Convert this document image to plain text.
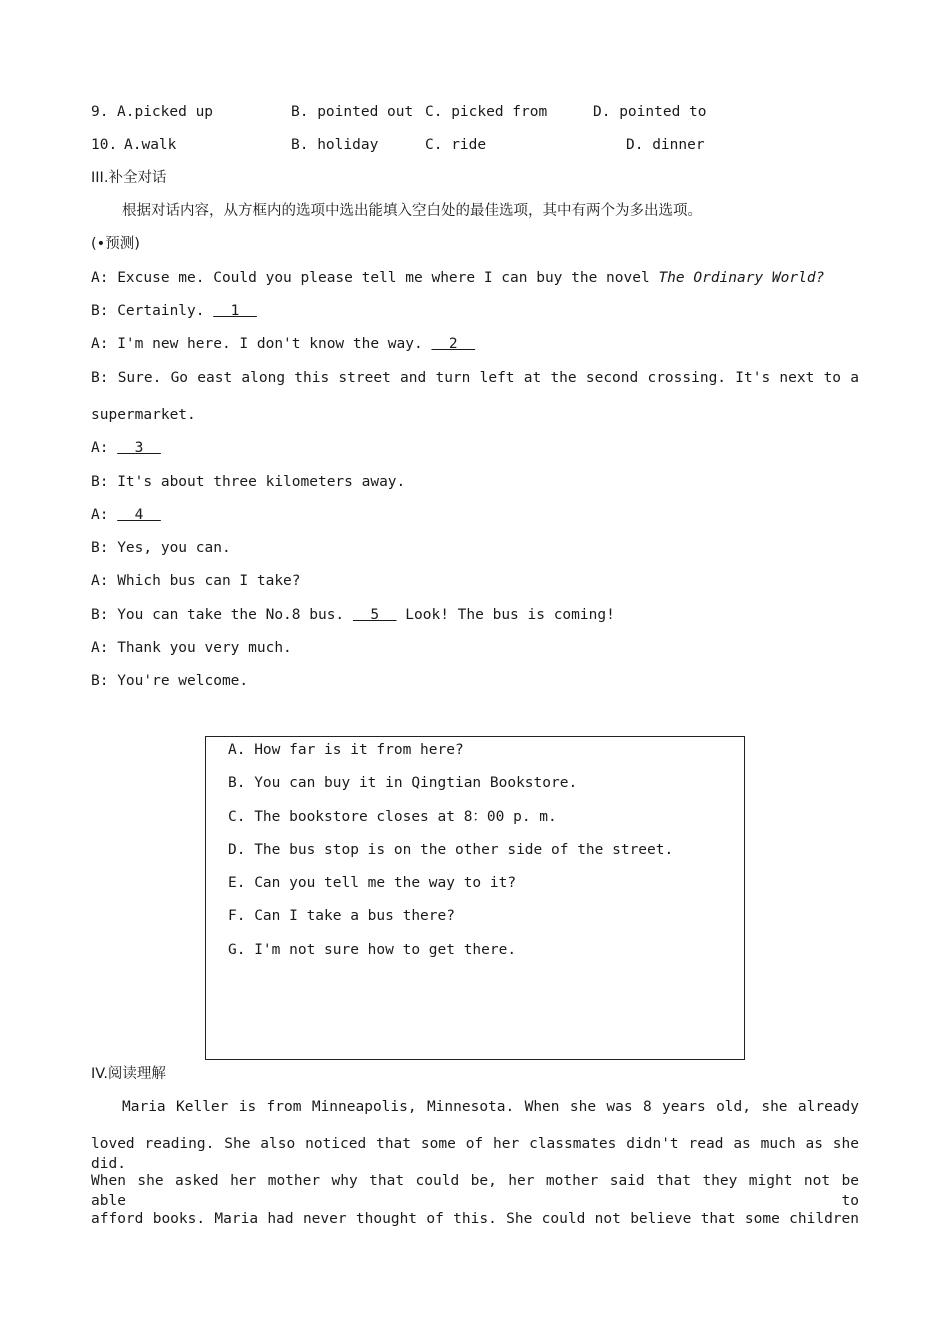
9. A.picked up	B. pointed out C. picked from	D. pointed to
10. A.walk	B. holiday	C. ride	D. dinner
III.补全对话
根据对话内容，从方框内的选项中选出能填入空白处的最佳选项，其中有两个为多出选项。
(•预测)
A: Excuse me. Could you please tell me where I can buy the novel The Ordinary World?
B: Certainly.   1
A: I'm new here. I don't know the way.   2
B: Sure. Go east along this street and turn left at the second crossing. It's next to a
supermarket.
A:   3
B: It's about three kilometers away.
A:   4
B: Yes, you can.
A: Which bus can I take?
B: You can take the No.8 bus.   5   Look! The bus is coming!
A: Thank you very much.
B: You're welcome.
A. How far is it from here?
B. You can buy it in Qingtian Bookstore.
C. The bookstore closes at 8：00 p. m.
D. The bus stop is on the other side of the street.
E. Can you tell me the way to it?
F. Can I take a bus there?
G. I'm not sure how to get there.
IV.阅读理解
Maria Keller is from Minneapolis, Minnesota. When she was 8 years old, she already
loved reading. She also noticed that some of her classmates didn't read as much as she did.
When she asked her mother why that could be, her mother said that they might not be able to
afford books. Maria had never thought of this. She could not believe that some children
